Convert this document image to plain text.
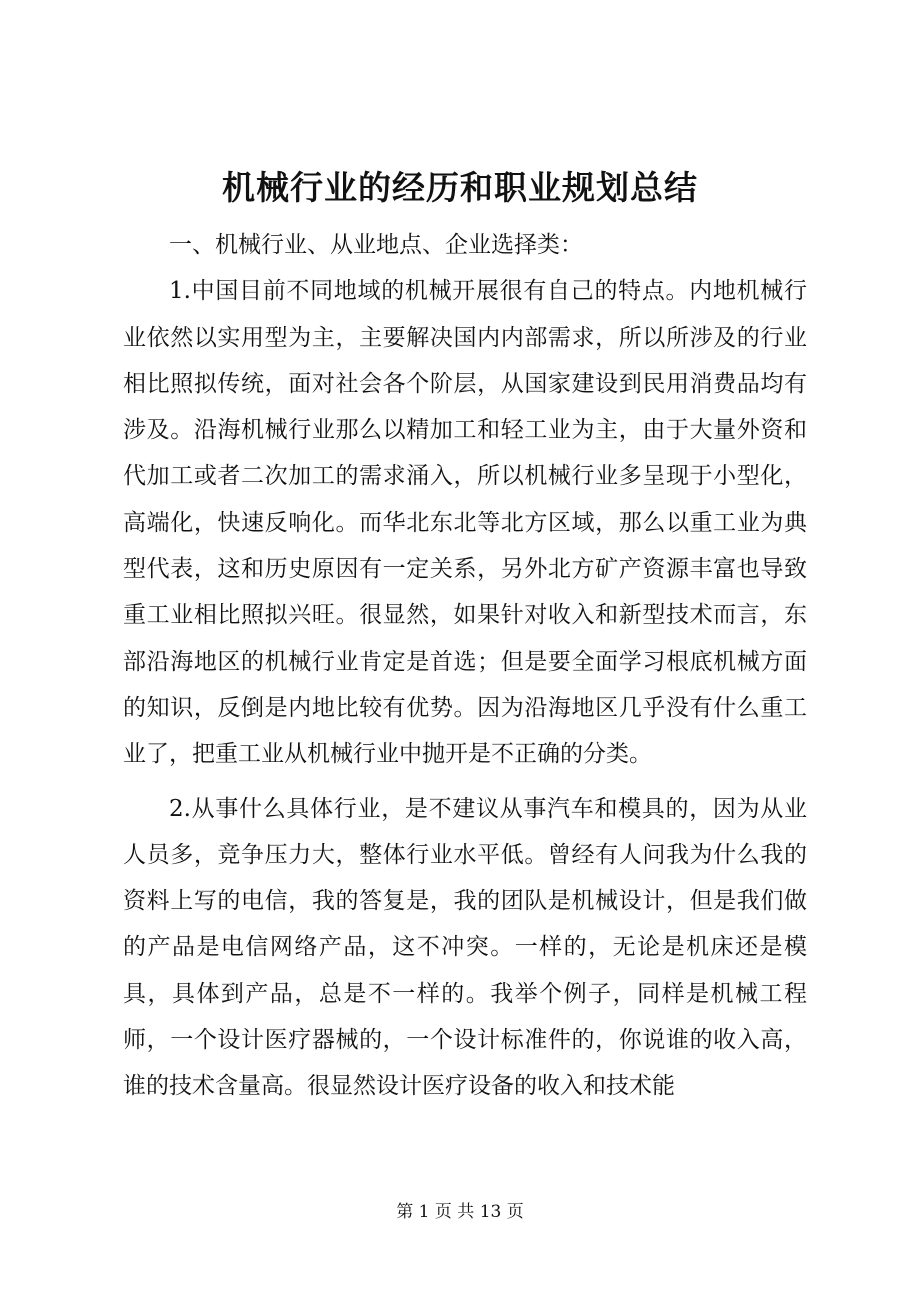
机械行业的经历和职业规划总结

一、机械行业、从业地点、企业选择类：

1.中国目前不同地域的机械开展很有自己的特点。内地机械行业依然以实用型为主，主要解决国内内部需求，所以所涉及的行业相比照拟传统，面对社会各个阶层，从国家建设到民用消费品均有涉及。沿海机械行业那么以精加工和轻工业为主，由于大量外资和代加工或者二次加工的需求涌入，所以机械行业多呈现于小型化，高端化，快速反响化。而华北东北等北方区域，那么以重工业为典型代表，这和历史原因有一定关系，另外北方矿产资源丰富也导致重工业相比照拟兴旺。很显然，如果针对收入和新型技术而言，东部沿海地区的机械行业肯定是首选；但是要全面学习根底机械方面的知识，反倒是内地比较有优势。因为沿海地区几乎没有什么重工业了，把重工业从机械行业中抛开是不正确的分类。

2.从事什么具体行业，是不建议从事汽车和模具的，因为从业人员多，竞争压力大，整体行业水平低。曾经有人问我为什么我的资料上写的电信，我的答复是，我的团队是机械设计，但是我们做的产品是电信网络产品，这不冲突。一样的，无论是机床还是模具，具体到产品，总是不一样的。我举个例子，同样是机械工程师，一个设计医疗器械的，一个设计标准件的，你说谁的收入高，谁的技术含量高。很显然设计医疗设备的收入和技术能

第 1 页 共 13 页
